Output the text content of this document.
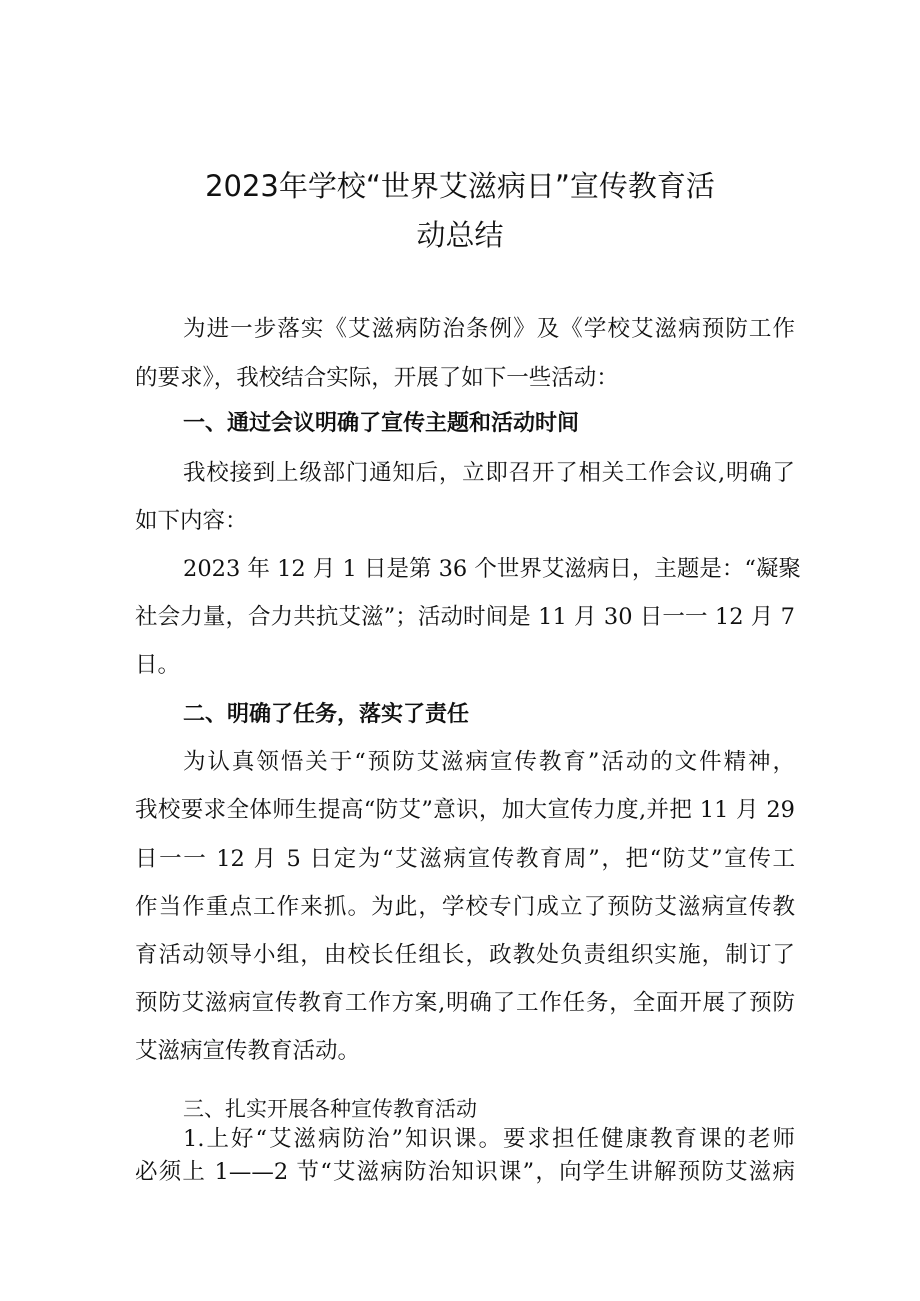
2023年学校“世界艾滋病日”宣传教育活
动总结

为进一步落实《艾滋病防治条例》及《学校艾滋病预防工作

的要求》，我校结合实际，开展了如下一些活动：

一、通过会议明确了宣传主题和活动时间

我校接到上级部门通知后，立即召开了相关工作会议,明确了

如下内容：

2023 年 12 月 1 日是第 36 个世界艾滋病日，主题是：“凝聚

社会力量，合力共抗艾滋”；活动时间是 11 月 30 日一一 12 月 7

日。

二、明确了任务，落实了责任

为认真领悟关于“预防艾滋病宣传教育”活动的文件精神，

我校要求全体师生提高“防艾”意识，加大宣传力度,并把 11 月 29

日一一 12 月 5 日定为“艾滋病宣传教育周”，把“防艾”宣传工

作当作重点工作来抓。为此，学校专门成立了预防艾滋病宣传教

育活动领导小组，由校长任组长，政教处负责组织实施，制订了

预防艾滋病宣传教育工作方案,明确了工作任务，全面开展了预防

艾滋病宣传教育活动。

三、扎实开展各种宣传教育活动

1.上好“艾滋病防治”知识课。要求担任健康教育课的老师

必须上 1——2 节“艾滋病防治知识课”，向学生讲解预防艾滋病
